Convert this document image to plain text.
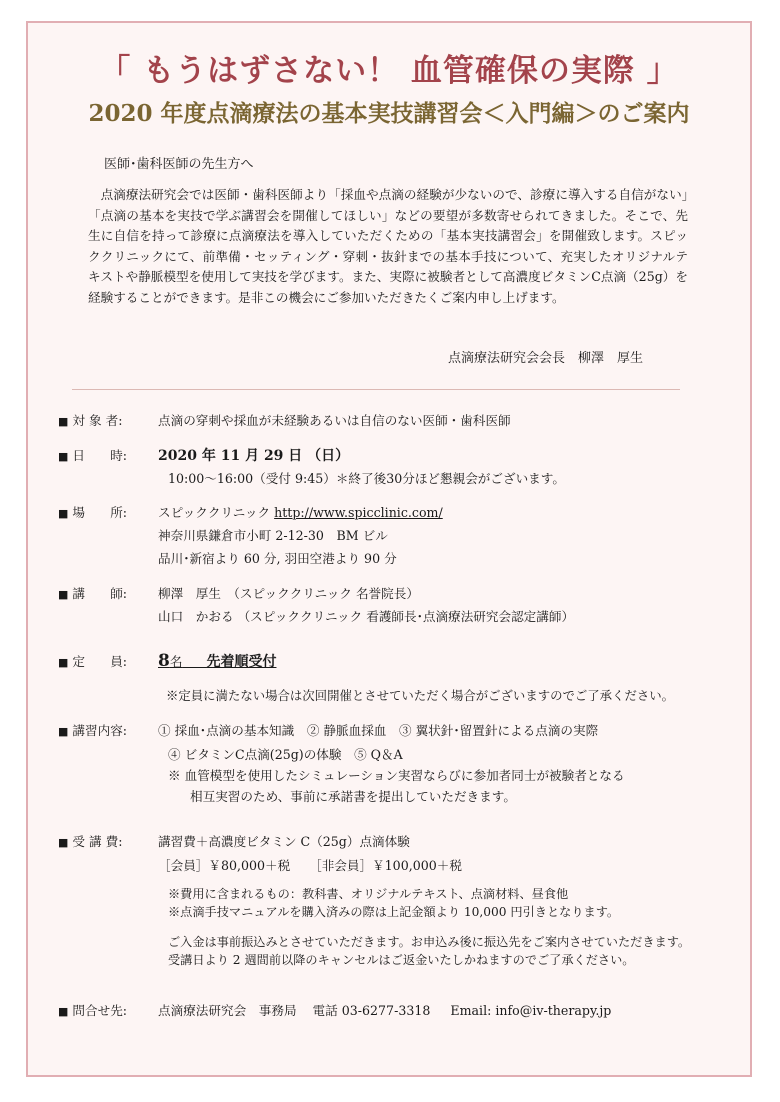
「 もうはずさない！ 血管確保の実際 」
2020 年度点滴療法の基本実技講習会＜入門編＞のご案内
医師･歯科医師の先生方へ
点滴療法研究会では医師・歯科医師より「採血や点滴の経験が少ないので、診療に導入する自信がない」「点滴の基本を実技で学ぶ講習会を開催してほしい」などの要望が多数寄せられてきました。そこで、先生に自信を持って診療に点滴療法を導入していただくための「基本実技講習会」を開催致します。スピッククリニックにて、前準備・セッティング・穿刺・抜針までの基本手技について、充実したオリジナルテキストや静脈模型を使用して実技を学びます。また、実際に被験者として高濃度ビタミンC点滴（25g）を経験することができます。是非この機会にご参加いただきたくご案内申し上げます。
点滴療法研究会会長　柳澤　厚生
■ 対 象 者:	点滴の穿刺や採血が未経験あるいは自信のない医師・歯科医師
■ 日　　時: 2020 年 11 月 29 日 （日）
10:00～16:00（受付 9:45）＊終了後30分ほど懇親会がございます。
■ 場　　所: スピッククリニック http://www.spicclinic.com/
神奈川県鎌倉市小町 2-12-30　BM ビル
品川･新宿より 60 分, 羽田空港より 90 分
■ 講　　師: 柳澤　厚生　（スピッククリニック 名誉院長）
山口　かおる （スピッククリニック 看護師長･点滴療法研究会認定講師）
■ 定　　員: 8名 先着順受付
※定員に満たない場合は次回開催とさせていただく場合がございますのでご了承ください。
■ 講習内容: ① 採血･点滴の基本知識　② 静脈血採血　③ 翼状針･留置針による点滴の実際
④ ビタミンC点滴(25g)の体験　⑤ Q＆A
※ 血管模型を使用したシミュレーション実習ならびに参加者同士が被験者となる
相互実習のため、事前に承諾書を提出していただきます。
■ 受 講 費:	講習費＋高濃度ビタミン C（25g）点滴体験
［会員］￥80,000＋税　　［非会員］￥100,000＋税
※費用に含まれるもの：教科書、オリジナルテキスト、点滴材料、昼食他
※点滴手技マニュアルを購入済みの際は上記金額より 10,000 円引きとなります。
ご入金は事前振込みとさせていただきます。お申込み後に振込先をご案内させていただきます。
受講日より 2 週間前以降のキャンセルはご返金いたしかねますのでご了承ください。
■ 問合せ先: 点滴療法研究会　事務局 電話 03-6277-3318 Email: info@iv-therapy.jp
